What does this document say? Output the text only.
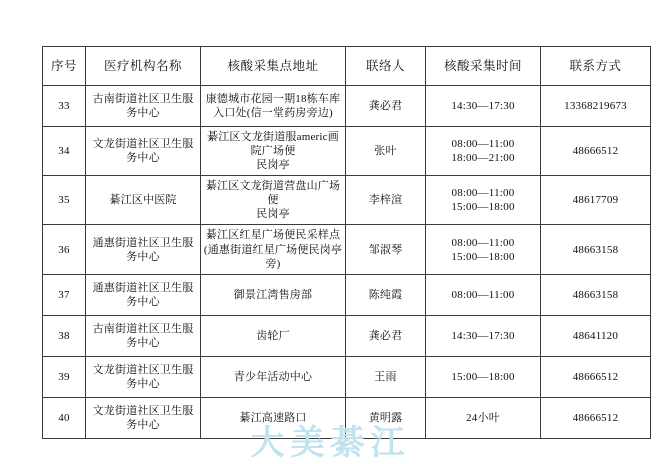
序号	医疗机构名称	核酸采集点地址	联络人	核酸采集时间	联系方式
33	古南街道社区卫生服
务中心	康德城市花园一期18栋车库
入口处(信一堂药房旁边)	龚必君	14:30—17:30	13368219673

34	文龙街道社区卫生服
务中心	綦江区文龙街道服americ画院广场便
民岗亭	张叶	08:00—11:00
18:00—21:00	48666512

35	綦江区中医院	綦江区文龙街道营盘山广场便
民岗亭	李梓渲	08:00—11:00
15:00—18:00	48617709

36	通惠街道社区卫生服
务中心	綦江区红星广场便民采样点
(通惠街道红星广场便民岗亭
旁)	邹淑琴	08:00—11:00
15:00—18:00	48663158

37	通惠街道社区卫生服
务中心	御景江湾售房部	陈纯霞	08:00—11:00	48663158

38	古南街道社区卫生服
务中心	齿轮厂	龚必君	14:30—17:30	48641120

39	文龙街道社区卫生服
务中心	青少年活动中心	王雨	15:00—18:00	48666512

40	文龙街道社区卫生服
务中心	綦江高速路口	黄明露	24小叶	48666512
大美綦江
